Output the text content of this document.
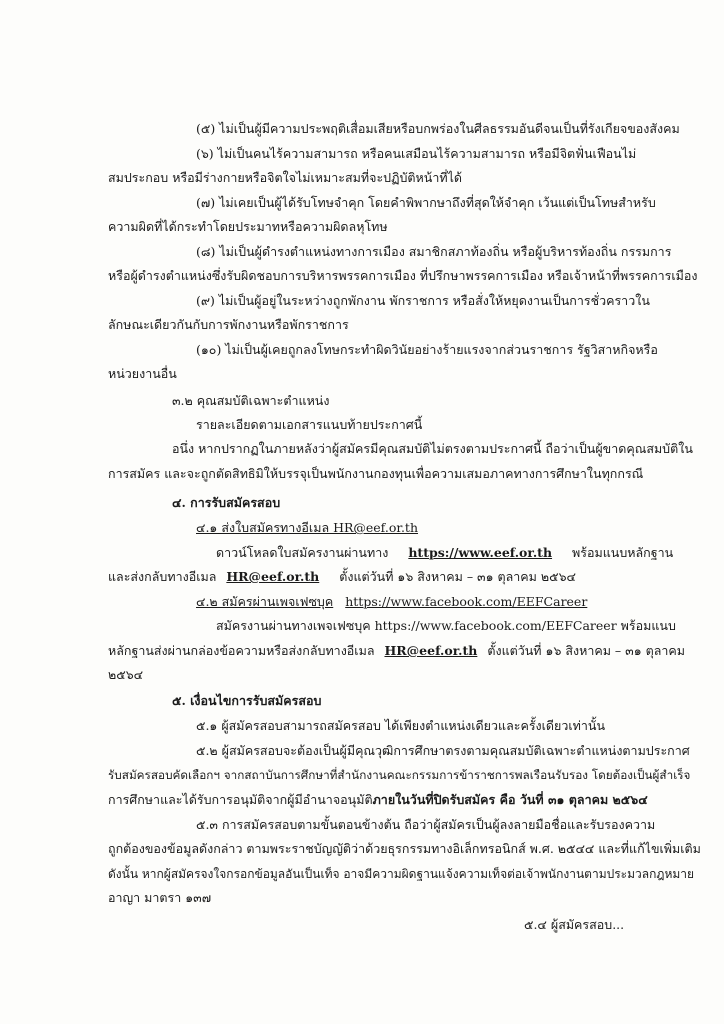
(๕) ไม่เป็นผู้มีความประพฤติเสื่อมเสียหรือบกพร่องในศีลธรรมอันดีจนเป็นที่รังเกียจของสังคม
(๖) ไม่เป็นคนไร้ความสามารถ หรือคนเสมือนไร้ความสามารถ หรือมีจิตฟั่นเฟือนไม่
สมประกอบ หรือมีร่างกายหรือจิตใจไม่เหมาะสมที่จะปฏิบัติหน้าที่ได้
(๗) ไม่เคยเป็นผู้ได้รับโทษจำคุก โดยคำพิพากษาถึงที่สุดให้จำคุก เว้นแต่เป็นโทษสำหรับ
ความผิดที่ได้กระทำโดยประมาทหรือความผิดลหุโทษ
(๘) ไม่เป็นผู้ดำรงตำแหน่งทางการเมือง สมาชิกสภาท้องถิ่น หรือผู้บริหารท้องถิ่น กรรมการ
หรือผู้ดำรงตำแหน่งซึ่งรับผิดชอบการบริหารพรรคการเมือง ที่ปรึกษาพรรคการเมือง หรือเจ้าหน้าที่พรรคการเมือง
(๙) ไม่เป็นผู้อยู่ในระหว่างถูกพักงาน พักราชการ หรือสั่งให้หยุดงานเป็นการชั่วคราวใน
ลักษณะเดียวกันกับการพักงานหรือพักราชการ
(๑๐) ไม่เป็นผู้เคยถูกลงโทษกระทำผิดวินัยอย่างร้ายแรงจากส่วนราชการ รัฐวิสาหกิจหรือ
หน่วยงานอื่น
๓.๒ คุณสมบัติเฉพาะตำแหน่ง
รายละเอียดตามเอกสารแนบท้ายประกาศนี้
อนึ่ง หากปรากฏในภายหลังว่าผู้สมัครมีคุณสมบัติไม่ตรงตามประกาศนี้ ถือว่าเป็นผู้ขาดคุณสมบัติใน
การสมัคร และจะถูกตัดสิทธิมิให้บรรจุเป็นพนักงานกองทุนเพื่อความเสมอภาคทางการศึกษาในทุกกรณี
๔. การรับสมัครสอบ
๔.๑ ส่งใบสมัครทางอีเมล HR@eef.or.th
ดาวน์โหลดใบสมัครงานผ่านทาง https://www.eef.or.th พร้อมแนบหลักฐาน
และส่งกลับทางอีเมล HR@eef.or.th ตั้งแต่วันที่ ๑๖ สิงหาคม – ๓๑ ตุลาคม ๒๕๖๔
๔.๒ สมัครผ่านเพจเฟซบุค https://www.facebook.com/EEFCareer
สมัครงานผ่านทางเพจเฟซบุค https://www.facebook.com/EEFCareer พร้อมแนบ
หลักฐานส่งผ่านกล่องข้อความหรือส่งกลับทางอีเมล HR@eef.or.th ตั้งแต่วันที่ ๑๖ สิงหาคม – ๓๑ ตุลาคม
๒๕๖๔
๕. เงื่อนไขการรับสมัครสอบ
๕.๑ ผู้สมัครสอบสามารถสมัครสอบ ได้เพียงตำแหน่งเดียวและครั้งเดียวเท่านั้น
๕.๒ ผู้สมัครสอบจะต้องเป็นผู้มีคุณวุฒิการศึกษาตรงตามคุณสมบัติเฉพาะตำแหน่งตามประกาศ
รับสมัครสอบคัดเลือกฯ จากสถาบันการศึกษาที่สำนักงานคณะกรรมการข้าราชการพลเรือนรับรอง โดยต้องเป็นผู้สำเร็จ
การศึกษาและได้รับการอนุมัติจากผู้มีอำนาจอนุมัติภายในวันที่ปิดรับสมัคร คือ วันที่ ๓๑ ตุลาคม ๒๕๖๔
๕.๓ การสมัครสอบตามขั้นตอนข้างต้น ถือว่าผู้สมัครเป็นผู้ลงลายมือชื่อและรับรองความ
ถูกต้องของข้อมูลดังกล่าว ตามพระราชบัญญัติว่าด้วยธุรกรรมทางอิเล็กทรอนิกส์ พ.ศ. ๒๕๔๔ และที่แก้ไขเพิ่มเติม
ดังนั้น หากผู้สมัครจงใจกรอกข้อมูลอันเป็นเท็จ อาจมีความผิดฐานแจ้งความเท็จต่อเจ้าพนักงานตามประมวลกฎหมาย
อาญา มาตรา ๑๓๗
๕.๔ ผู้สมัครสอบ...
